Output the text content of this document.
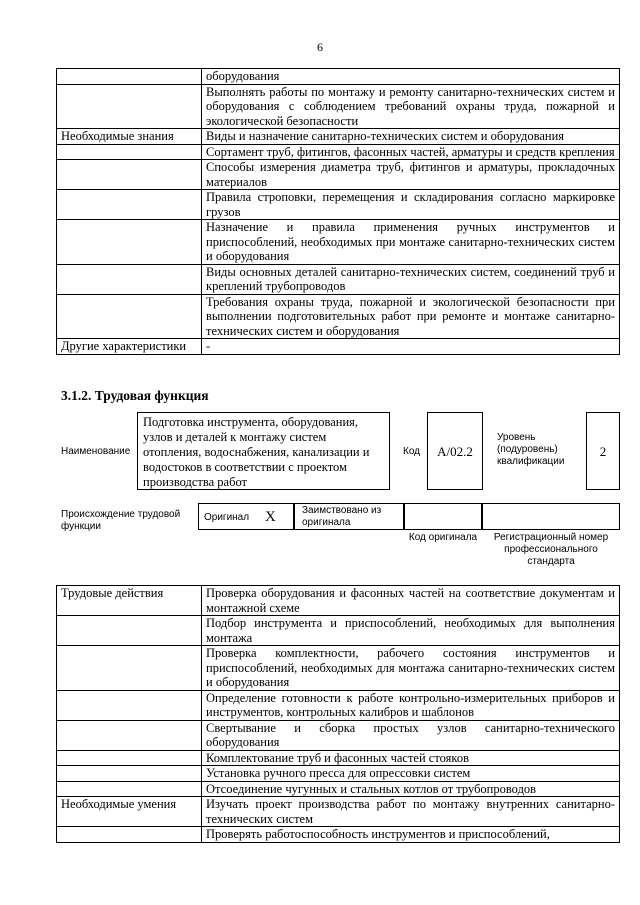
6
	оборудования
	Выполнять работы по монтажу и ремонту санитарно-технических систем и оборудования с соблюдением требований охраны труда, пожарной и экологической безопасности
Необходимые знания	Виды и назначение санитарно-технических систем и оборудования
	Сортамент труб, фитингов, фасонных частей, арматуры и средств крепления
	Способы измерения диаметра труб, фитингов и арматуры, прокладочных материалов
	Правила строповки, перемещения и складирования согласно маркировке грузов
	Назначение и правила применения ручных инструментов и приспособлений, необходимых при монтаже санитарно-технических систем и оборудования
	Виды основных деталей санитарно-технических систем, соединений труб и креплений трубопроводов
	Требования охраны труда, пожарной и экологической безопасности при выполнении подготовительных работ при ремонте и монтаже санитарно-технических систем и оборудования
Другие характеристики	-
3.1.2. Трудовая функция
Наименование
Подготовка инструмента, оборудования, узлов и деталей к монтажу систем отопления, водоснабжения, канализации и водостоков в соответствии с проектом производства работ
Код	А/02.2
Уровень (подуровень) квалификации
2
Происхождение трудовой функции
Оригинал X	Заимствовано из оригинала
Код оригинала	Регистрационный номер профессионального стандарта
Трудовые действия	Проверка оборудования и фасонных частей на соответствие документам и монтажной схеме
	Подбор инструмента и приспособлений, необходимых для выполнения монтажа
	Проверка комплектности, рабочего состояния инструментов и приспособлений, необходимых для монтажа санитарно-технических систем и оборудования
	Определение готовности к работе контрольно-измерительных приборов и инструментов, контрольных калибров и шаблонов
	Свертывание и сборка простых узлов санитарно-технического оборудования
	Комплектование труб и фасонных частей стояков
	Установка ручного пресса для опрессовки систем
	Отсоединение чугунных и стальных котлов от трубопроводов
Необходимые умения	Изучать проект производства работ по монтажу внутренних санитарно-технических систем
	Проверять работоспособность инструментов и приспособлений,
